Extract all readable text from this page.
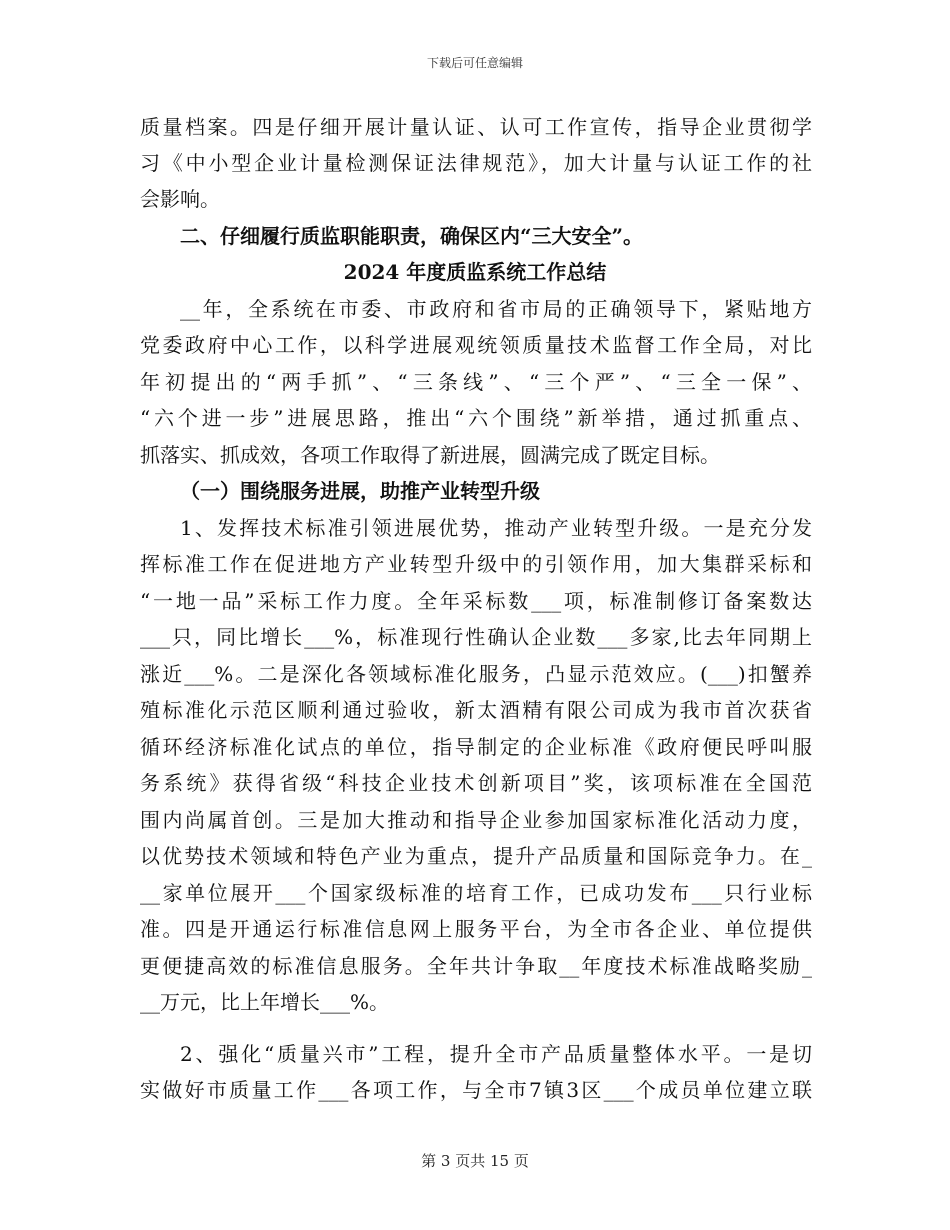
下载后可任意编辑
质量档案。四是仔细开展计量认证、认可工作宣传，指导企业贯彻学
习《中小型企业计量检测保证法律规范》，加大计量与认证工作的社
会影响。
二、仔细履行质监职能职责，确保区内“三大安全”。
2024 年度质监系统工作总结
__年，全系统在市委、市政府和省市局的正确领导下，紧贴地方
党委政府中心工作，以科学进展观统领质量技术监督工作全局，对比
年初提出的“两手抓”、“三条线”、“三个严”、“三全一保”、
“六个进一步”进展思路，推出“六个围绕”新举措，通过抓重点、
抓落实、抓成效，各项工作取得了新进展，圆满完成了既定目标。
（一）围绕服务进展，助推产业转型升级
1、发挥技术标准引领进展优势，推动产业转型升级。一是充分发
挥标准工作在促进地方产业转型升级中的引领作用，加大集群采标和
“一地一品”采标工作力度。全年采标数___项，标准制修订备案数达
___只，同比增长___%，标准现行性确认企业数___多家,比去年同期上
涨近___%。二是深化各领域标准化服务，凸显示范效应。(___)扣蟹养
殖标准化示范区顺利通过验收，新太酒精有限公司成为我市首次获省
循环经济标准化试点的单位，指导制定的企业标准《政府便民呼叫服
务系统》获得省级“科技企业技术创新项目”奖，该项标准在全国范
围内尚属首创。三是加大推动和指导企业参加国家标准化活动力度，
以优势技术领域和特色产业为重点，提升产品质量和国际竞争力。在_
__家单位展开___个国家级标准的培育工作，已成功发布___只行业标
准。四是开通运行标准信息网上服务平台，为全市各企业、单位提供
更便捷高效的标准信息服务。全年共计争取__年度技术标准战略奖励_
__万元，比上年增长___%。
2、强化“质量兴市”工程，提升全市产品质量整体水平。一是切
实做好市质量工作___各项工作，与全市7镇3区___个成员单位建立联
第 3 页共 15 页
